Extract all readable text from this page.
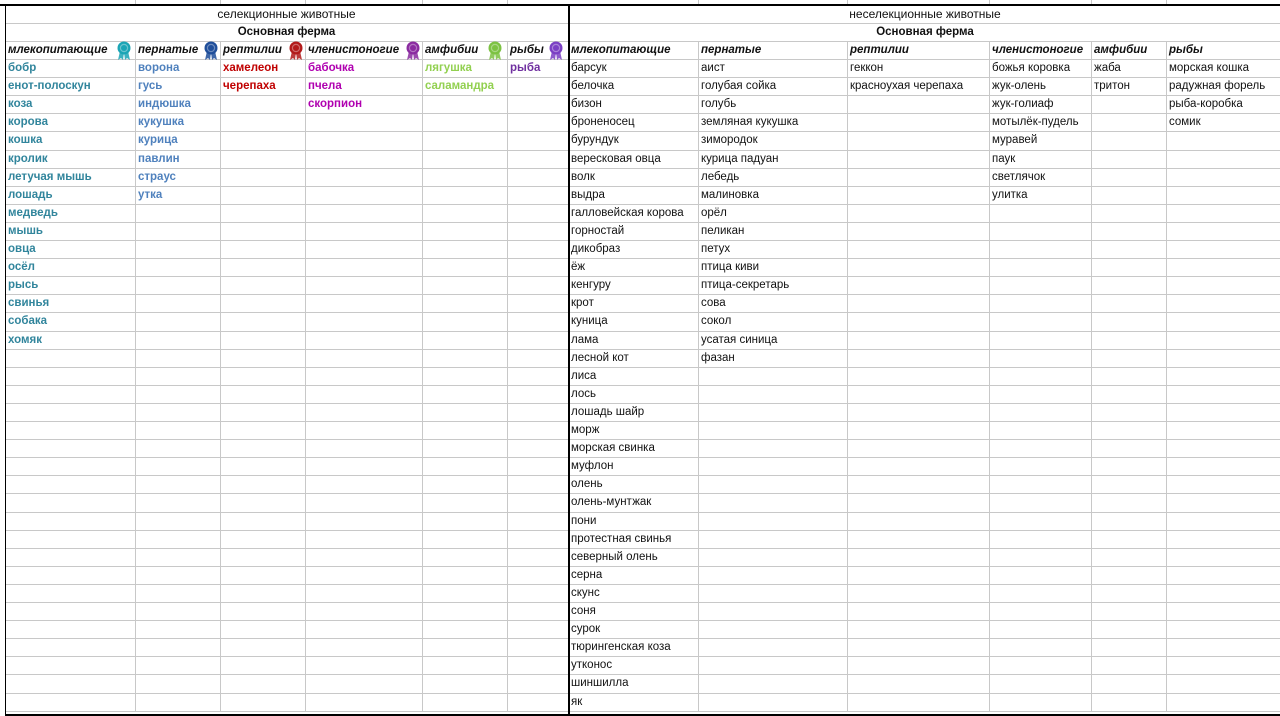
селекционные животные	неселекционные животные
Основная ферма	Основная ферма
млекопитающие
бобр
енот-полоскун
коза
корова
кошка
кролик
летучая мышь
лошадь
медведь
мышь
овца
осёл
рысь
свинья
собака
хомяк
пернатые
ворона
гусь
индюшка
кукушка
курица
павлин
страус
утка
рептилии
хамелеон
черепаха
членистоногие
бабочка
пчела
скорпион
амфибии
лягушка
саламандра
рыбы
рыба
млекопитающие
барсук
белочка
бизон
броненосец
бурундук
вересковая овца
волк
выдра
галловейская корова
горностай
дикобраз
ёж
кенгуру
крот
куница
лама
лесной кот
лиса
лось
лошадь шайр
морж
морская свинка
муфлон
олень
олень-мунтжак
пони
протестная свинья
северный олень
серна
скунс
соня
сурок
тюрингенская коза
утконос
шиншилла
як
пернатые
аист
голубая сойка
голубь
земляная кукушка
зимородок
курица падуан
лебедь
малиновка
орёл
пеликан
петух
птица киви
птица-секретарь
сова
сокол
усатая синица
фазан
рептилии
геккон
красноухая черепаха
членистоногие
божья коровка
жук-олень
жук-голиаф
мотылёк-пудель
муравей
паук
светлячок
улитка
амфибии
жаба
тритон
рыбы
морская кошка
радужная форель
рыба-коробка
сомик
